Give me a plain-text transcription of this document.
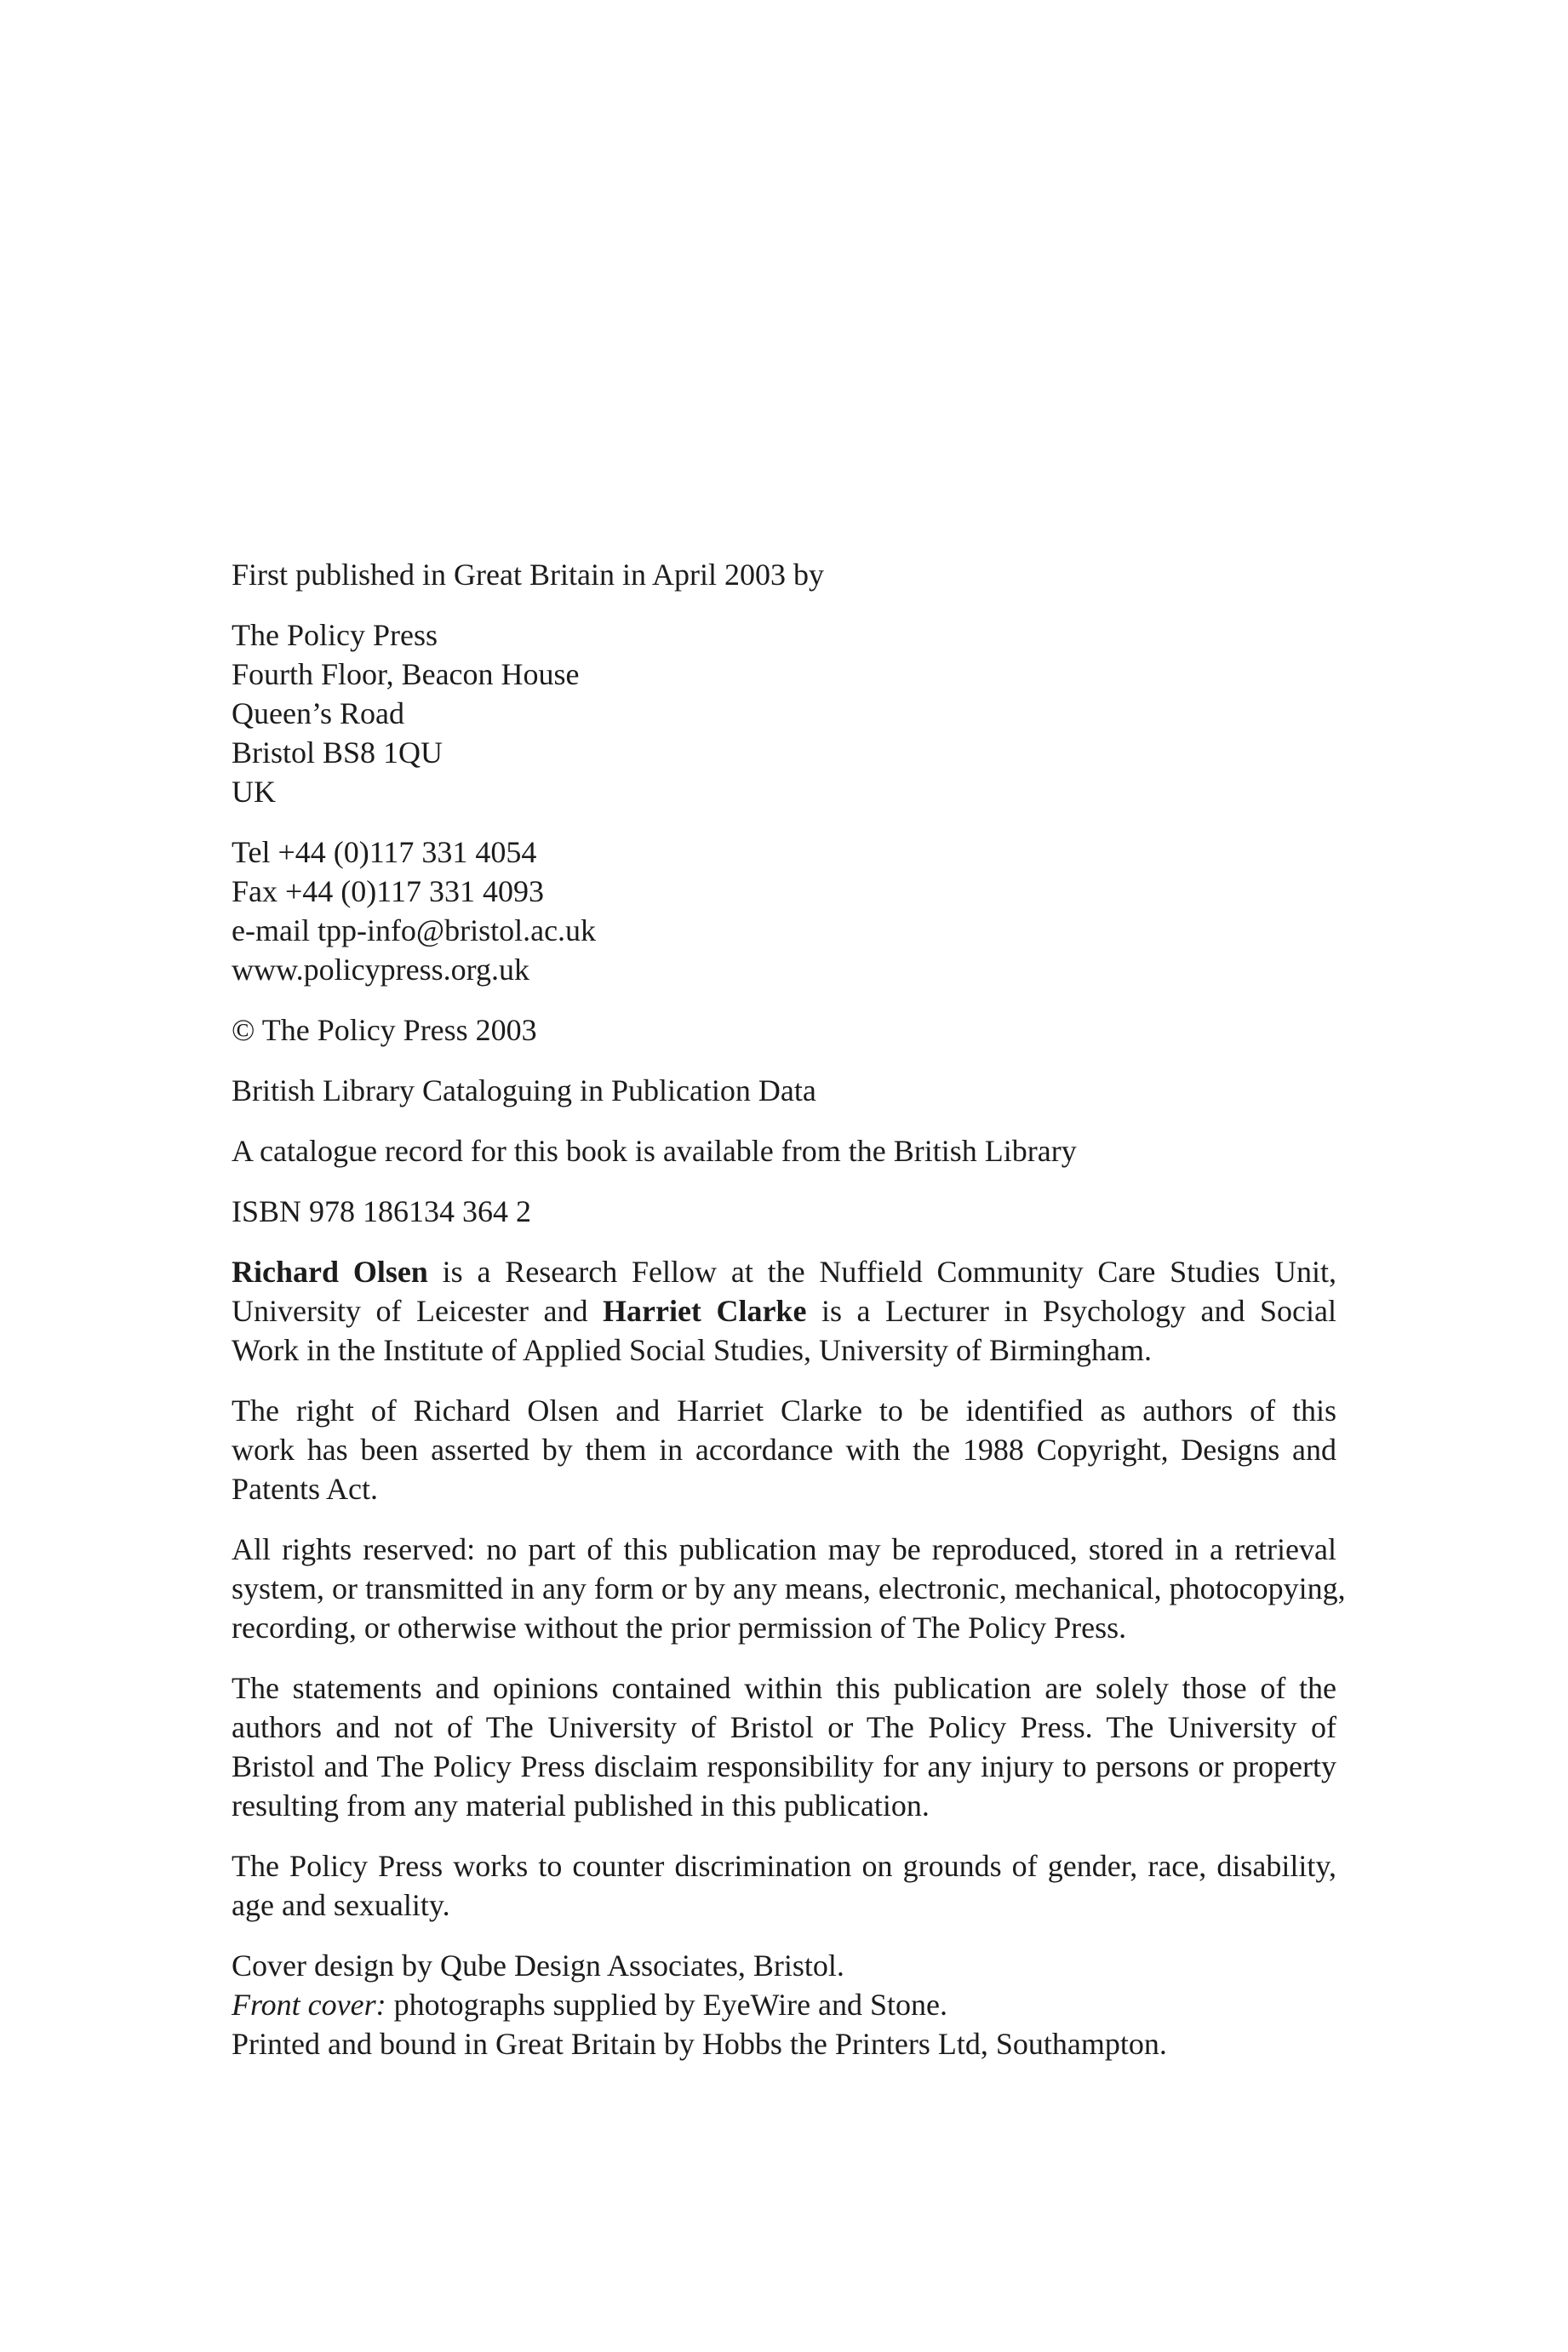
First published in Great Britain in April 2003 by

The Policy Press
Fourth Floor, Beacon House
Queen’s Road
Bristol BS8 1QU
UK

Tel +44 (0)117 331 4054
Fax +44 (0)117 331 4093
e-mail tpp-info@bristol.ac.uk
www.policypress.org.uk

© The Policy Press 2003

British Library Cataloguing in Publication Data

A catalogue record for this book is available from the British Library

ISBN 978 186134 364 2

Richard Olsen is a Research Fellow at the Nuffield Community Care Studies Unit,
University of Leicester and Harriet Clarke is a Lecturer in Psychology and Social
Work in the Institute of Applied Social Studies, University of Birmingham.

The right of Richard Olsen and Harriet Clarke to be identified as authors of this
work has been asserted by them in accordance with the 1988 Copyright, Designs and
Patents Act.

All rights reserved: no part of this publication may be reproduced, stored in a retrieval
system, or transmitted in any form or by any means, electronic, mechanical, photocopying,
recording, or otherwise without the prior permission of The Policy Press.

The statements and opinions contained within this publication are solely those of the
authors and not of The University of Bristol or The Policy Press. The University of
Bristol and The Policy Press disclaim responsibility for any injury to persons or property
resulting from any material published in this publication.

The Policy Press works to counter discrimination on grounds of gender, race, disability,
age and sexuality.

Cover design by Qube Design Associates, Bristol.
Front cover: photographs supplied by EyeWire and Stone.
Printed and bound in Great Britain by Hobbs the Printers Ltd, Southampton.
